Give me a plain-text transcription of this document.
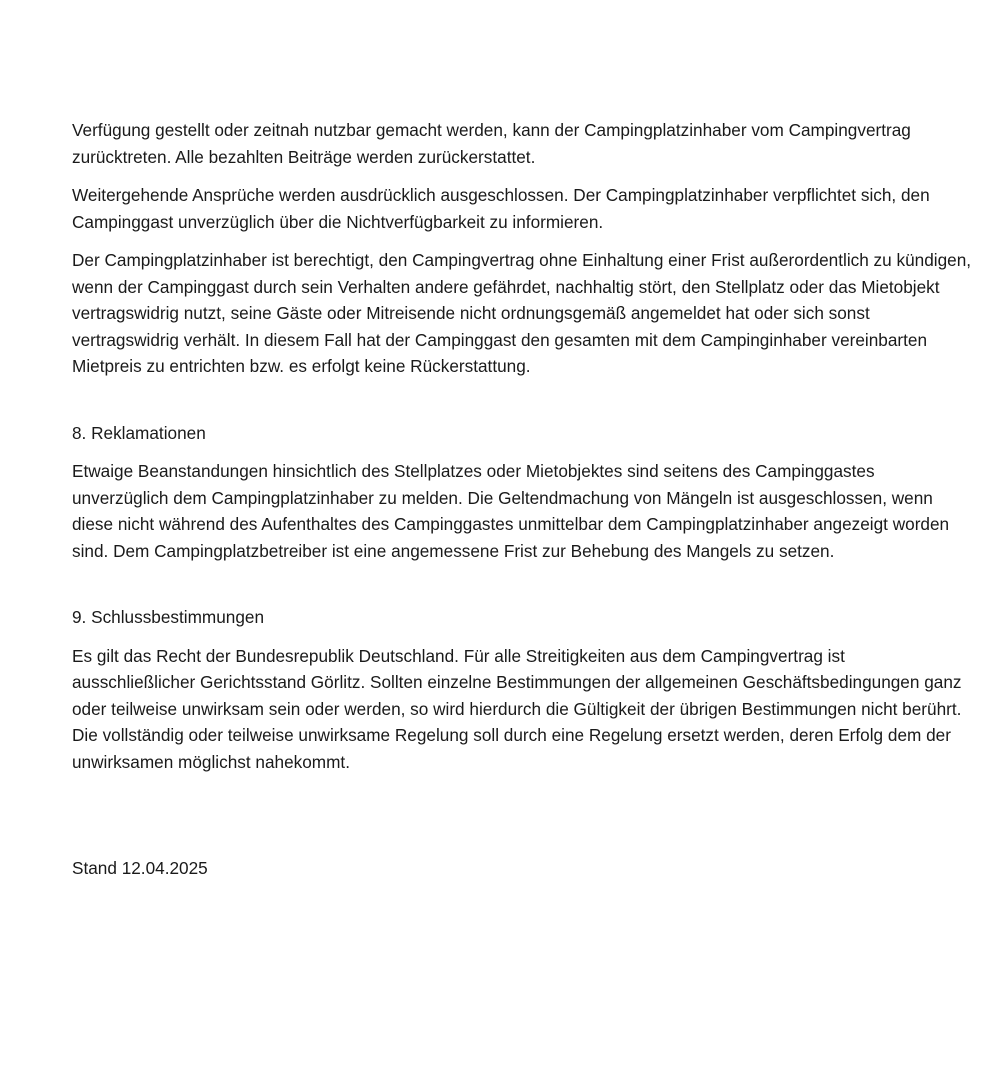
Verfügung gestellt oder zeitnah nutzbar gemacht werden, kann der Campingplatzinhaber vom Campingvertrag zurücktreten. Alle bezahlten Beiträge werden zurückerstattet.

Weitergehende Ansprüche werden ausdrücklich ausgeschlossen. Der Campingplatzinhaber verpflichtet sich, den Campinggast unverzüglich über die Nichtverfügbarkeit zu informieren.

Der Campingplatzinhaber ist berechtigt, den Campingvertrag ohne Einhaltung einer Frist außerordentlich zu kündigen, wenn der Campinggast durch sein Verhalten andere gefährdet, nachhaltig stört, den Stellplatz oder das Mietobjekt vertragswidrig nutzt, seine Gäste oder Mitreisende nicht ordnungsgemäß angemeldet hat oder sich sonst vertragswidrig verhält. In diesem Fall hat der Campinggast den gesamten mit dem Campinginhaber vereinbarten Mietpreis zu entrichten bzw. es erfolgt keine Rückerstattung.

8. Reklamationen

Etwaige Beanstandungen hinsichtlich des Stellplatzes oder Mietobjektes sind seitens des Campinggastes unverzüglich dem Campingplatzinhaber zu melden. Die Geltendmachung von Mängeln ist ausgeschlossen, wenn diese nicht während des Aufenthaltes des Campinggastes unmittelbar dem Campingplatzinhaber angezeigt worden sind. Dem Campingplatzbetreiber ist eine angemessene Frist zur Behebung des Mangels zu setzen.

9. Schlussbestimmungen

Es gilt das Recht der Bundesrepublik Deutschland. Für alle Streitigkeiten aus dem Campingvertrag ist ausschließlicher Gerichtsstand Görlitz. Sollten einzelne Bestimmungen der allgemeinen Geschäftsbedingungen ganz oder teilweise unwirksam sein oder werden, so wird hierdurch die Gültigkeit der übrigen Bestimmungen nicht berührt. Die vollständig oder teilweise unwirksame Regelung soll durch eine Regelung ersetzt werden, deren Erfolg dem der unwirksamen möglichst nahekommt.

Stand 12.04.2025
